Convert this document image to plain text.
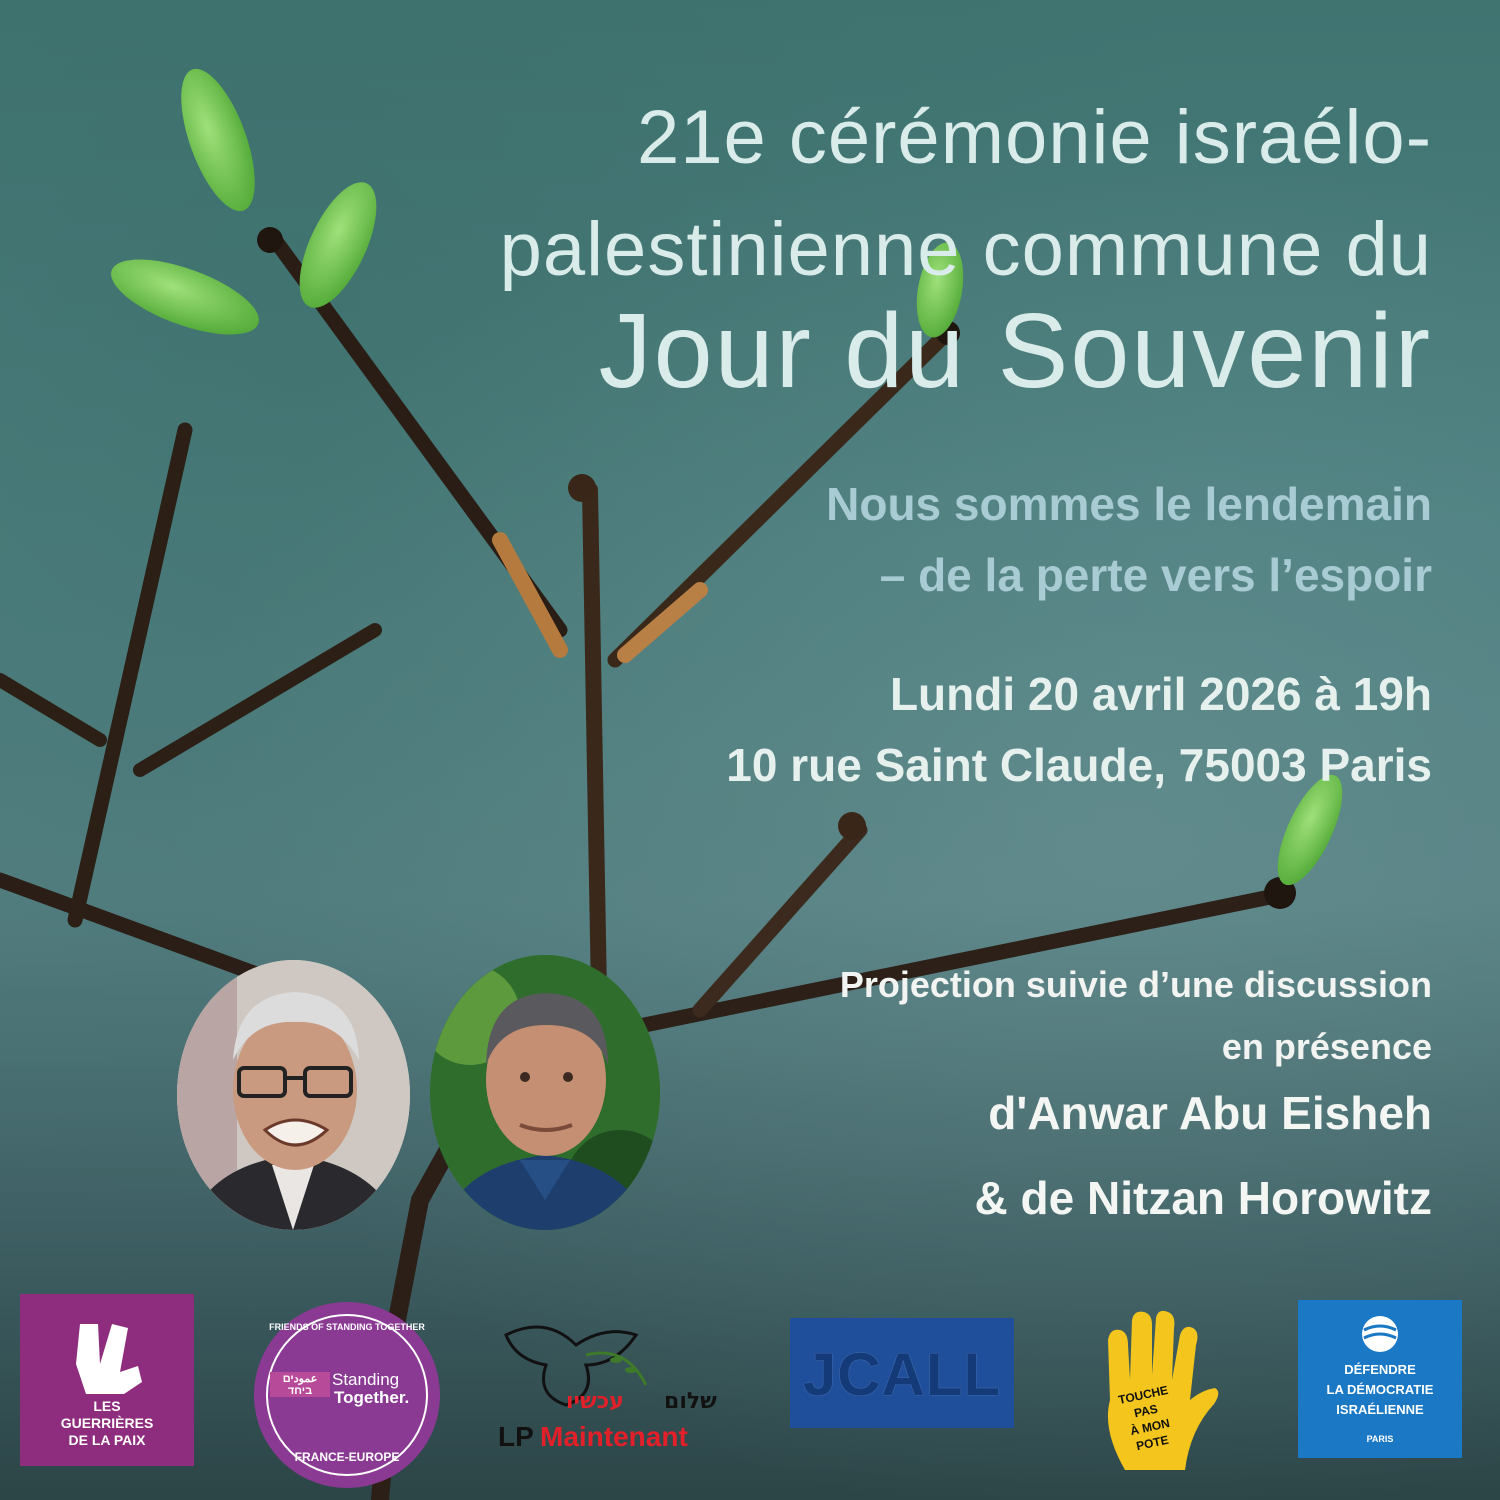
21e cérémonie israélo-
palestinienne commune du
Jour du Souvenir
Nous sommes le lendemain
– de la perte vers l’espoir
Lundi 20 avril 2026 à 19h
10 rue Saint Claude, 75003 Paris
Projection suivie d’une discussion
en présence
d'Anwar Abu Eisheh
& de Nitzan Horowitz
LES
GUERRIÈRES
DE LA PAIX
FRIENDS OF STANDING TOGETHER
عمودים ביחד
Standing
Together.
FRANCE-EUROPE
עכשיו שלום
LP Maintenant
JCALL	TOUCHE
PAS
À MON
POTE
DÉFENDRE
LA DÉMOCRATIE
ISRAÉLIENNE
PARIS
